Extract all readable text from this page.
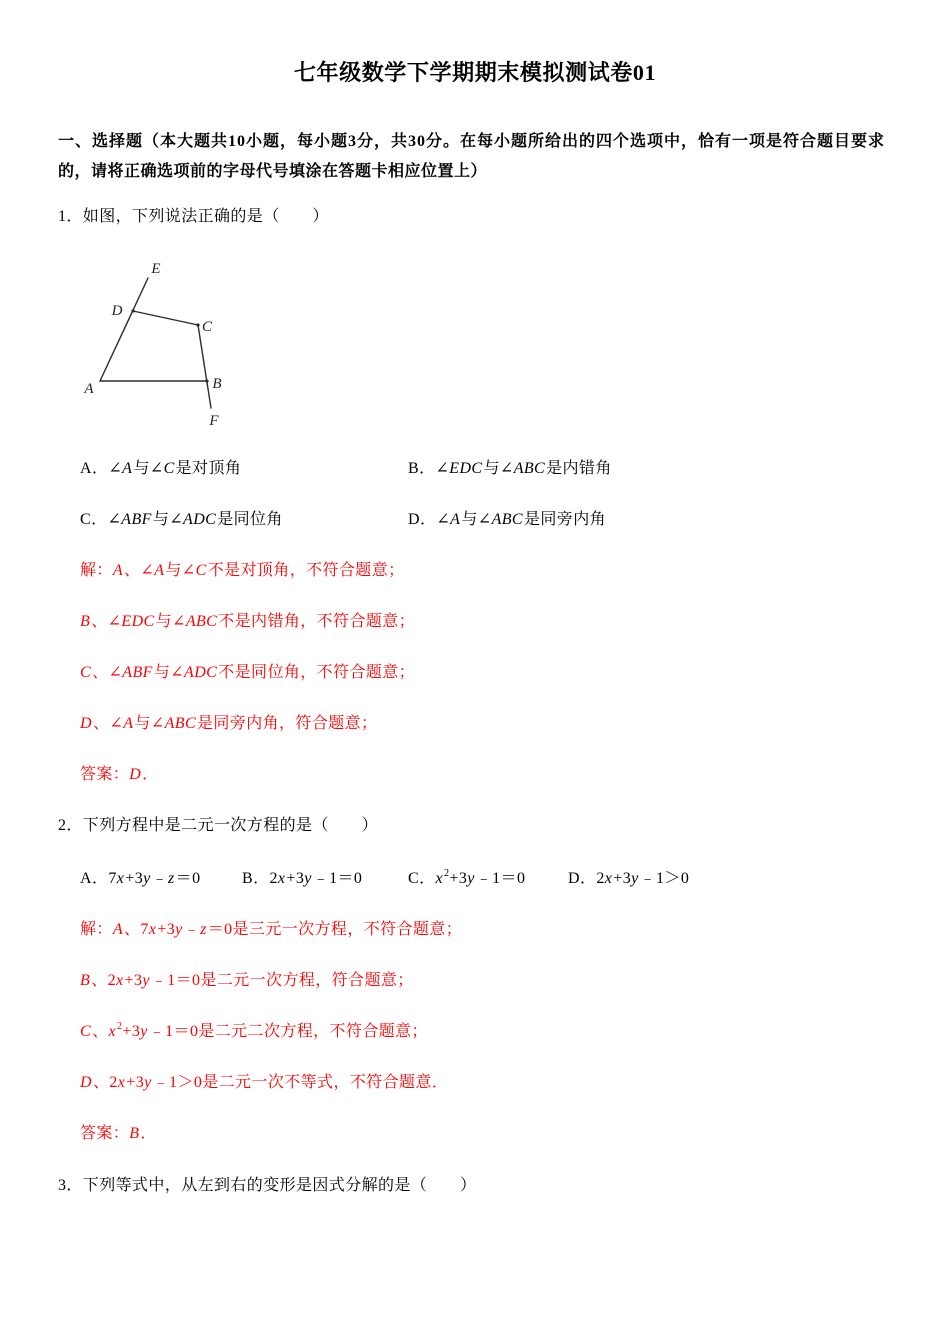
七年级数学下学期期末模拟测试卷01
一、选择题（本大题共10小题，每小题3分，共30分。在每小题所给出的四个选项中，恰有一项是符合题目要求
的，请将正确选项前的字母代号填涂在答题卡相应位置上）
1．如图，下列说法正确的是（　　）
E
D
C
A	B
F
A．∠A与∠C是对顶角	B．∠EDC与∠ABC是内错角
C．∠ABF与∠ADC是同位角	D．∠A与∠ABC是同旁内角
解：A、∠A与∠C不是对顶角，不符合题意；
B、∠EDC与∠ABC不是内错角，不符合题意；
C、∠ABF与∠ADC不是同位角，不符合题意；
D、∠A与∠ABC是同旁内角，符合题意；
答案：D．
2．下列方程中是二元一次方程的是（　　）
A．7x+3y﹣z＝0	B．2x+3y﹣1＝0	C．$x^2+3y﹣1=0$	D．2x+3y﹣1＞0
解：A、7x+3y﹣z＝0是三元一次方程，不符合题意；
B、2x+3y﹣1＝0是二元一次方程，符合题意；
C、$x^2+3y﹣1=0$是二元二次方程，不符合题意；
D、2x+3y﹣1＞0是二元一次不等式，不符合题意．
答案：B．
3．下列等式中，从左到右的变形是因式分解的是（　　）
